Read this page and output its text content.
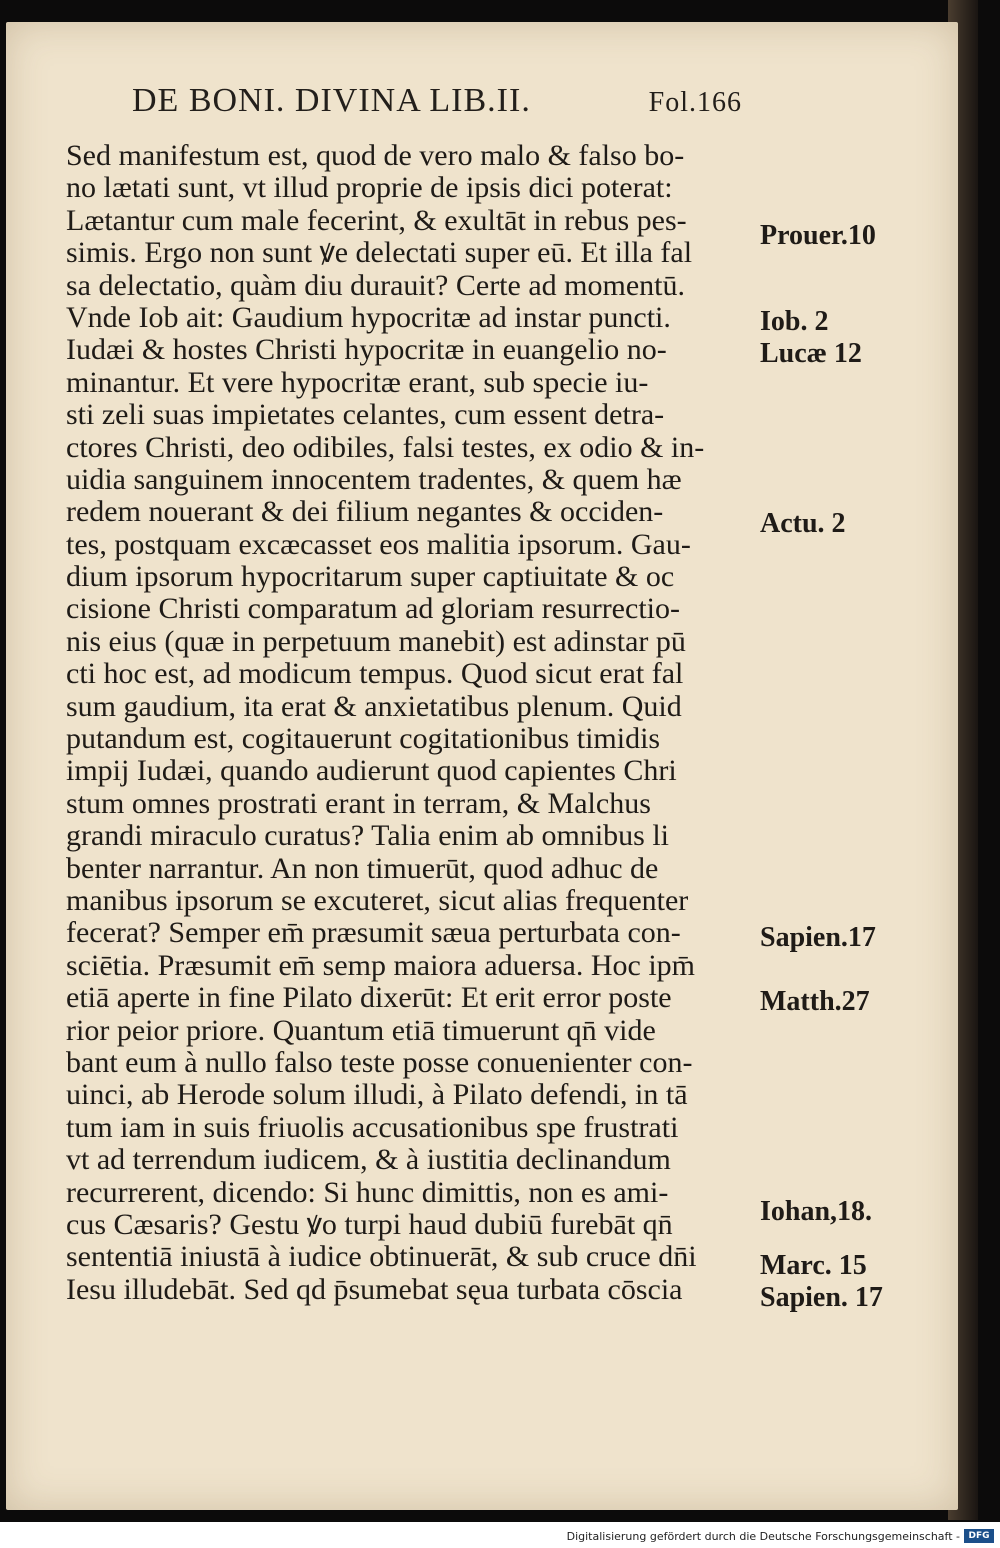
DE BONI. DIVINA LIB.II.	Fol.166
Sed manifestum est, quod de vero malo & falso bo-
no lætati sunt, vt illud proprie de ipsis dici poterat:
Lætantur cum male fecerint, & exultāt in rebus pes-
simis. Ergo non sunt ꝟe delectati super eū. Et illa fal
sa delectatio, quàm diu durauit? Certe ad momentū.
Vnde Iob ait: Gaudium hypocritæ ad instar puncti.
Iudæi & hostes Christi hypocritæ in euangelio no-
minantur. Et vere hypocritæ erant, sub specie iu-
sti zeli suas impietates celantes, cum essent detra-
ctores Christi, deo odibiles, falsi testes, ex odio & in-
uidia sanguinem innocentem tradentes, & quem hæ
redem nouerant & dei filium negantes & occiden-
tes, postquam excæcasset eos malitia ipsorum. Gau-
dium ipsorum hypocritarum super captiuitate & oc
cisione Christi comparatum ad gloriam resurrectio-
nis eius (quæ in perpetuum manebit) est adinstar pū
cti hoc est, ad modicum tempus. Quod sicut erat fal
sum gaudium, ita erat & anxietatibus plenum. Quid
putandum est, cogitauerunt cogitationibus timidis
impij Iudæi, quando audierunt quod capientes Chri
stum omnes prostrati erant in terram, & Malchus
grandi miraculo curatus? Talia enim ab omnibus li
benter narrantur. An non timuerūt, quod adhuc de
manibus ipsorum se excuteret, sicut alias frequenter
fecerat? Semper em̄ præsumit sæua perturbata con-
sciētia. Præsumit em̄ semp maiora aduersa. Hoc ipm̄
etiā aperte in fine Pilato dixerūt: Et erit error poste
rior peior priore. Quantum etiā timuerunt qn̄ vide
bant eum à nullo falso teste posse conuenienter con-
uinci, ab Herode solum illudi, à Pilato defendi, in tā
tum iam in suis friuolis accusationibus spe frustrati
vt ad terrendum iudicem, & à iustitia declinandum
recurrerent, dicendo: Si hunc dimittis, non es ami-
cus Cæsaris? Gestu ꝟo turpi haud dubiū furebāt qn̄
sententiā iniustā à iudice obtinuerāt, & sub cruce dn̄i
Iesu illudebāt. Sed qd p̄sumebat sęua turbata cōscia
Prouer.10
Iob. 2
Lucæ 12
Actu. 2
Sapien.17
Matth.27
Iohan,18.
Marc. 15
Sapien. 17
Digitalisierung gefördert durch die Deutsche Forschungsgemeinschaft - DFG
